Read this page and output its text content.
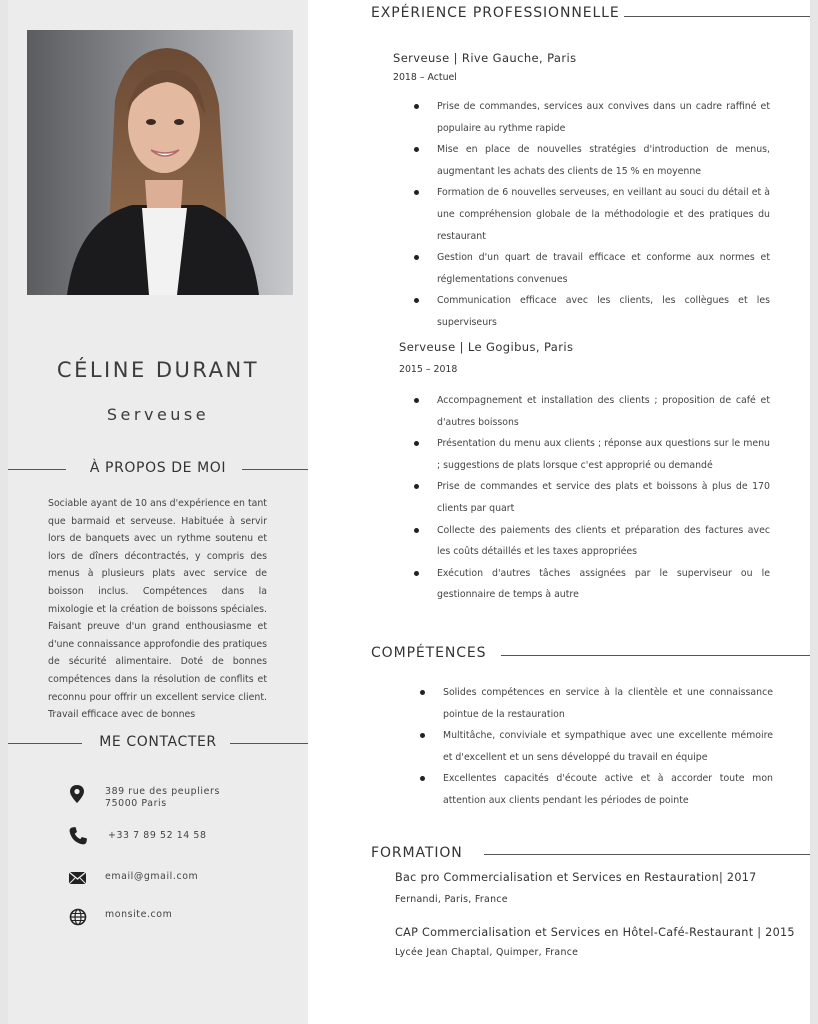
CÉLINE DURANT
Serveuse
À PROPOS DE MOI
Sociable ayant de 10 ans d'expérience en tant que barmaid et serveuse. Habituée à servir lors de banquets avec un rythme soutenu et lors de dîners décontractés, y compris des menus à plusieurs plats avec service de boisson inclus. Compétences dans la mixologie et la création de boissons spéciales. Faisant preuve d'un grand enthousiasme et d'une connaissance approfondie des pratiques de sécurité alimentaire. Doté de bonnes compétences dans la résolution de conflits et reconnu pour offrir un excellent service client. Travail efficace avec de bonnes
ME CONTACTER
389 rue des peupliers
75000 Paris
+33 7 89 52 14 58
email@gmail.com
monsite.com
EXPÉRIENCE PROFESSIONNELLE
Serveuse | Rive Gauche, Paris
2018 – Actuel
Prise de commandes, services aux convives dans un cadre raffiné et populaire au rythme rapide
Mise en place de nouvelles stratégies d'introduction de menus, augmentant les achats des clients de 15 % en moyenne
Formation de 6 nouvelles serveuses, en veillant au souci du détail et à une compréhension globale de la méthodologie et des pratiques du restaurant
Gestion d'un quart de travail efficace et conforme aux normes et réglementations convenues
Communication efficace avec les clients, les collègues et les superviseurs
Serveuse | Le Gogibus, Paris
2015 – 2018
Accompagnement et installation des clients ; proposition de café et d'autres boissons
Présentation du menu aux clients ; réponse aux questions sur le menu ; suggestions de plats lorsque c'est approprié ou demandé
Prise de commandes et service des plats et boissons à plus de 170 clients par quart
Collecte des paiements des clients et préparation des factures avec les coûts détaillés et les taxes appropriées
Exécution d'autres tâches assignées par le superviseur ou le gestionnaire de temps à autre
COMPÉTENCES
Solides compétences en service à la clientèle et une connaissance pointue de la restauration
Multitâche, conviviale et sympathique avec une excellente mémoire et d'excellent et un sens développé du travail en équipe
Excellentes capacités d'écoute active et à accorder toute mon attention aux clients pendant les périodes de pointe
FORMATION
Bac pro Commercialisation et Services en Restauration| 2017
Fernandi, Paris, France
CAP Commercialisation et Services en Hôtel-Café-Restaurant | 2015
Lycée Jean Chaptal, Quimper, France
